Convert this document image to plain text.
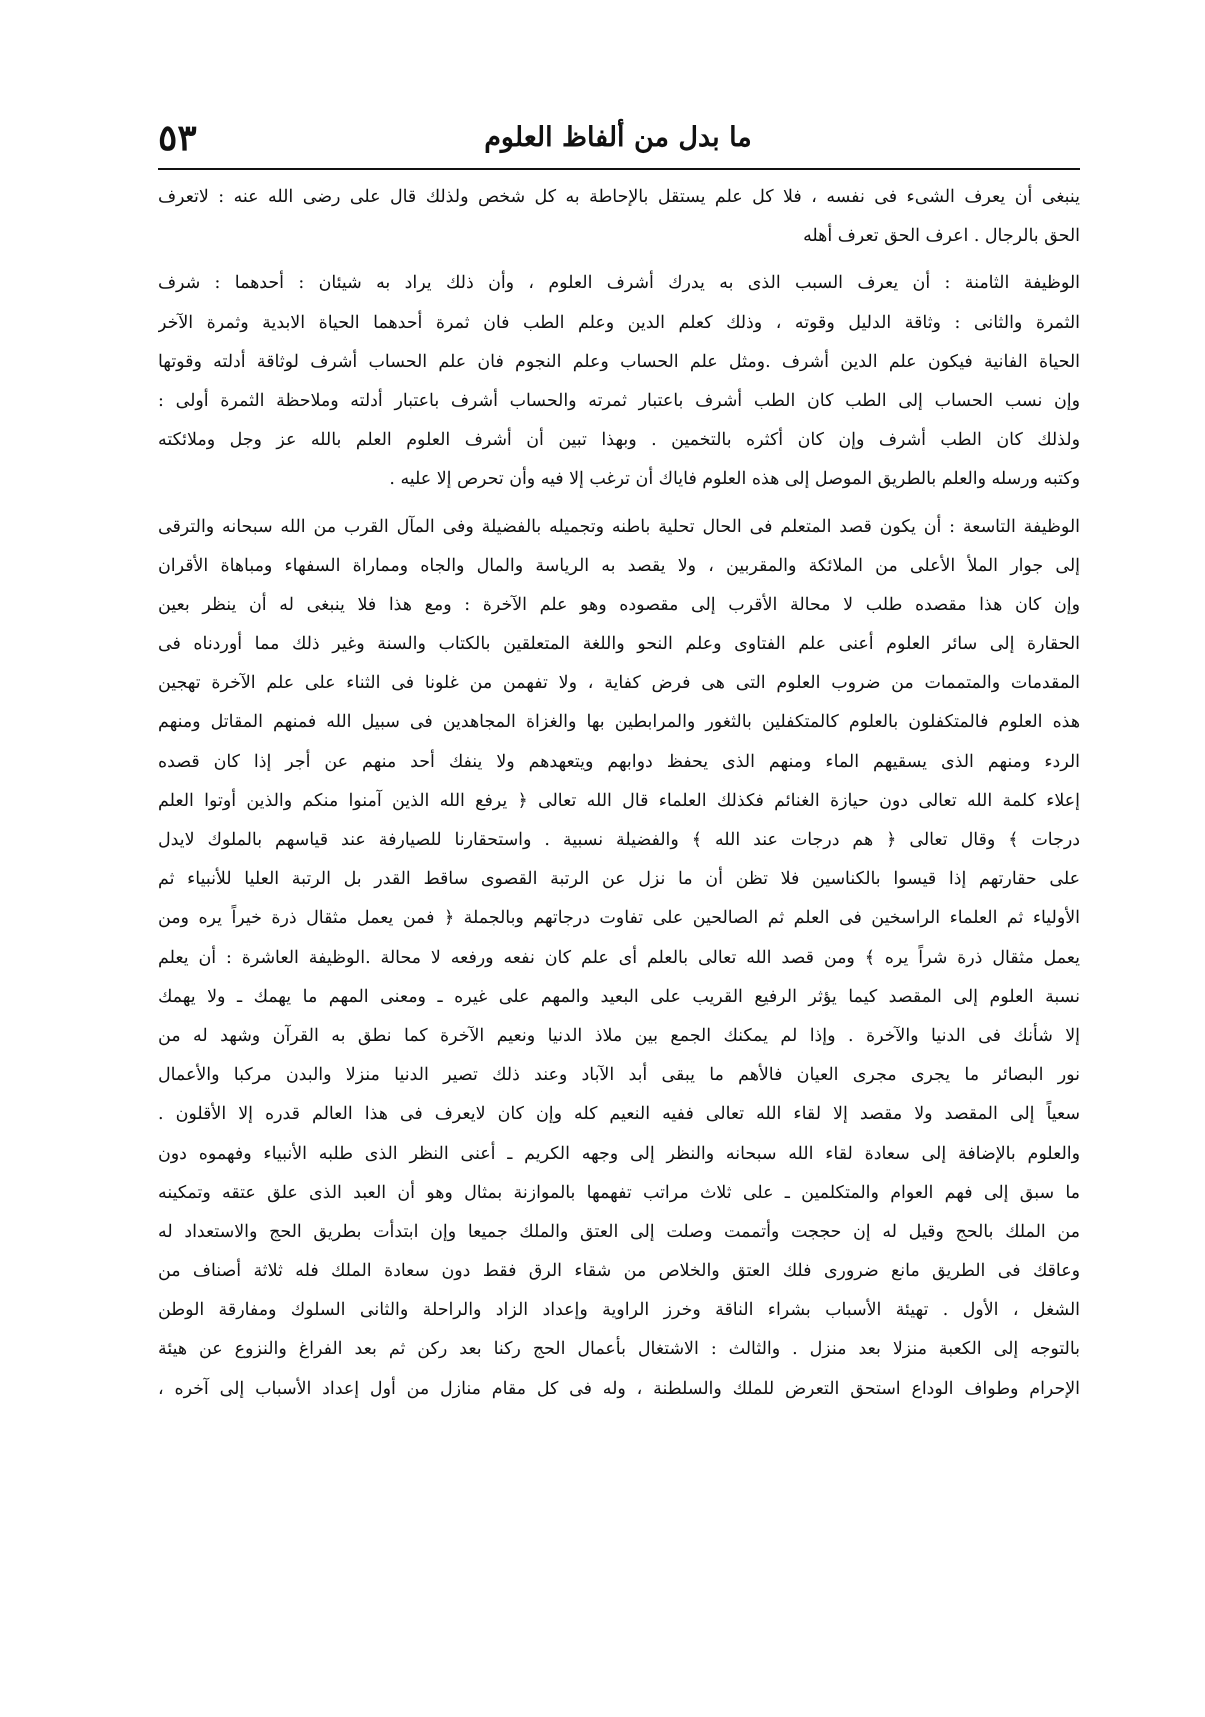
ما بدل من ألفاظ العلوم
٥٣
ينبغى أن يعرف الشىء فى نفسه ، فلا كل علم يستقل بالإحاطة به كل شخص ولذلك قال على رضى الله عنه : لاتعرف
الحق بالرجال . اعرف الحق تعرف أهله
الوظيفة الثامنة : أن يعرف السبب الذى به يدرك أشرف العلوم ، وأن ذلك يراد به شيئان : أحدهما : شرف
الثمرة والثانى : وثاقة الدليل وقوته ، وذلك كعلم الدين وعلم الطب فان ثمرة أحدهما الحياة الابدية وثمرة الآخر
الحياة الفانية فيكون علم الدين أشرف .ومثل علم الحساب وعلم النجوم فان علم الحساب أشرف لوثاقة أدلته وقوتها
وإن نسب الحساب إلى الطب كان الطب أشرف باعتبار ثمرته والحساب أشرف باعتبار أدلته وملاحظة الثمرة أولى :
ولذلك كان الطب أشرف وإن كان أكثره بالتخمين . وبهذا تبين أن أشرف العلوم العلم بالله عز وجل وملائكته
وكتبه ورسله والعلم بالطريق الموصل إلى هذه العلوم فاياك أن ترغب إلا فيه وأن تحرص إلا عليه .
الوظيفة التاسعة : أن يكون قصد المتعلم فى الحال تحلية باطنه وتجميله بالفضيلة وفى المآل القرب من الله سبحانه والترقى
إلى جوار الملأ الأعلى من الملائكة والمقربين ، ولا يقصد به الرياسة والمال والجاه ومماراة السفهاء ومباهاة الأقران
وإن كان هذا مقصده طلب لا محالة الأقرب إلى مقصوده وهو علم الآخرة : ومع هذا فلا ينبغى له أن ينظر بعين
الحقارة إلى سائر العلوم أعنى علم الفتاوى وعلم النحو واللغة المتعلقين بالكتاب والسنة وغير ذلك مما أوردناه فى
المقدمات والمتممات من ضروب العلوم التى هى فرض كفاية ، ولا تفهمن من غلونا فى الثناء على علم الآخرة تهجين
هذه العلوم فالمتكفلون بالعلوم كالمتكفلين بالثغور والمرابطين بها والغزاة المجاهدين فى سبيل الله فمنهم المقاتل ومنهم
الردء ومنهم الذى يسقيهم الماء ومنهم الذى يحفظ دوابهم ويتعهدهم ولا ينفك أحد منهم عن أجر إذا كان قصده
إعلاء كلمة الله تعالى دون حيازة الغنائم فكذلك العلماء قال الله تعالى ﴿ يرفع الله الذين آمنوا منكم والذين أوتوا العلم
درجات ﴾ وقال تعالى ﴿ هم درجات عند الله ﴾ والفضيلة نسبية . واستحقارنا للصيارفة عند قياسهم بالملوك لايدل
على حقارتهم إذا قيسوا بالكناسين فلا تظن أن ما نزل عن الرتبة القصوى ساقط القدر بل الرتبة العليا للأنبياء ثم
الأولياء ثم العلماء الراسخين فى العلم ثم الصالحين على تفاوت درجاتهم وبالجملة ﴿ فمن يعمل مثقال ذرة خيراً يره ومن
يعمل مثقال ذرة شراً يره ﴾ ومن قصد الله تعالى بالعلم أى علم كان نفعه ورفعه لا محالة .الوظيفة العاشرة : أن يعلم
نسبة العلوم إلى المقصد كيما يؤثر الرفيع القريب على البعيد والمهم على غيره ـ ومعنى المهم ما يهمك ـ ولا يهمك
إلا شأنك فى الدنيا والآخرة . وإذا لم يمكنك الجمع بين ملاذ الدنيا ونعيم الآخرة كما نطق به القرآن وشهد له من
نور البصائر ما يجرى مجرى العيان فالأهم ما يبقى أبد الآباد وعند ذلك تصير الدنيا منزلا والبدن مركبا والأعمال
سعياً إلى المقصد ولا مقصد إلا لقاء الله تعالى ففيه النعيم كله وإن كان لايعرف فى هذا العالم قدره إلا الأقلون .
والعلوم بالإضافة إلى سعادة لقاء الله سبحانه والنظر إلى وجهه الكريم ـ أعنى النظر الذى طلبه الأنبياء وفهموه دون
ما سبق إلى فهم العوام والمتكلمين ـ على ثلاث مراتب تفهمها بالموازنة بمثال وهو أن العبد الذى علق عتقه وتمكينه
من الملك بالحج وقيل له إن حججت وأتممت وصلت إلى العتق والملك جميعا وإن ابتدأت بطريق الحج والاستعداد له
وعاقك فى الطريق مانع ضرورى فلك العتق والخلاص من شقاء الرق فقط دون سعادة الملك فله ثلاثة أصناف من
الشغل ، الأول . تهيئة الأسباب بشراء الناقة وخرز الراوية وإعداد الزاد والراحلة والثانى السلوك ومفارقة الوطن
بالتوجه إلى الكعبة منزلا بعد منزل . والثالث : الاشتغال بأعمال الحج ركنا بعد ركن ثم بعد الفراغ والنزوع عن هيئة
الإحرام وطواف الوداع استحق التعرض للملك والسلطنة ، وله فى كل مقام منازل من أول إعداد الأسباب إلى آخره ،
